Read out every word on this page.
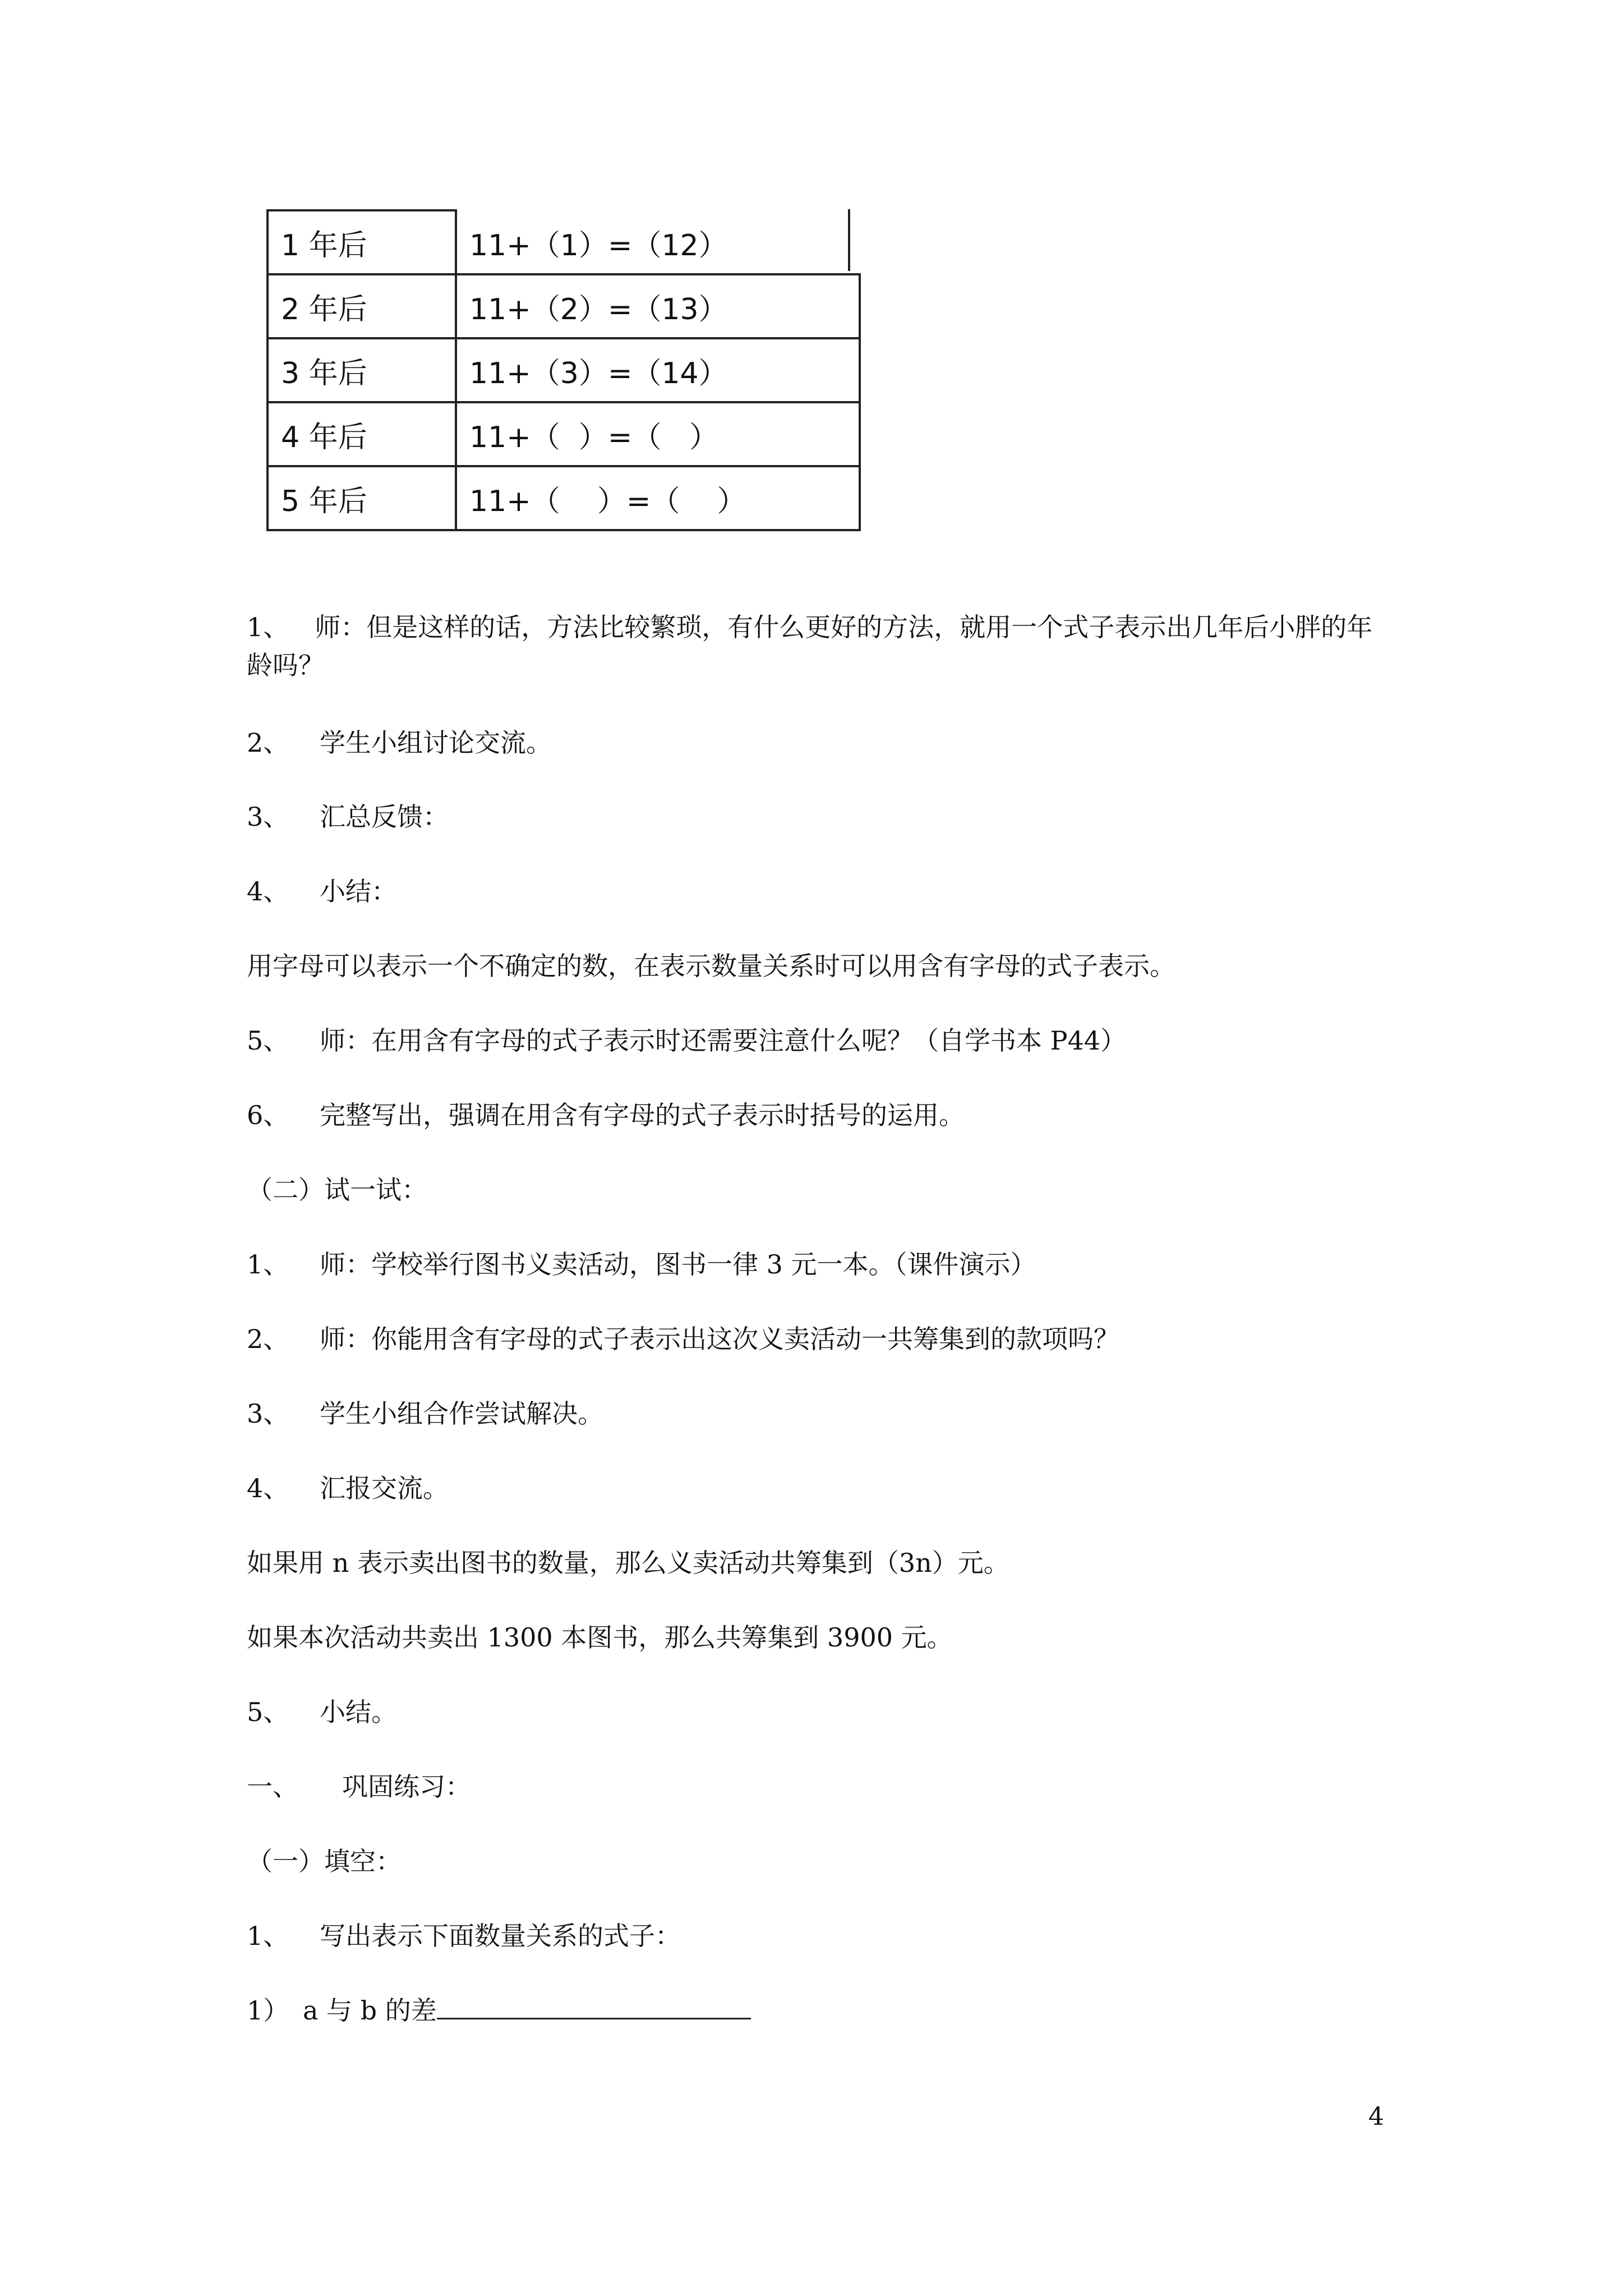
1 年后	11+（1）=（12）
2 年后	11+（2）=（13）
3 年后	11+（3）=（14）
4 年后	11+（  ）=（   ）
5 年后	11+（    ）=（    ）
1、 师：但是这样的话，方法比较繁琐，有什么更好的方法，就用一个式子表示出几年后小胖的年龄吗？
2、 学生小组讨论交流。
3、 汇总反馈：
4、 小结：
用字母可以表示一个不确定的数，在表示数量关系时可以用含有字母的式子表示。
5、 师：在用含有字母的式子表示时还需要注意什么呢？（自学书本 P44）
6、 完整写出，强调在用含有字母的式子表示时括号的运用。
（二）试一试：
1、 师：学校举行图书义卖活动，图书一律 3 元一本。（课件演示）
2、 师：你能用含有字母的式子表示出这次义卖活动一共筹集到的款项吗？
3、 学生小组合作尝试解决。
4、 汇报交流。
如果用 n 表示卖出图书的数量，那么义卖活动共筹集到（3n）元。
如果本次活动共卖出 1300 本图书，那么共筹集到 3900 元。
5、 小结。
一、 巩固练习：
（一）填空：
1、 写出表示下面数量关系的式子：
1） a 与 b 的差
4
